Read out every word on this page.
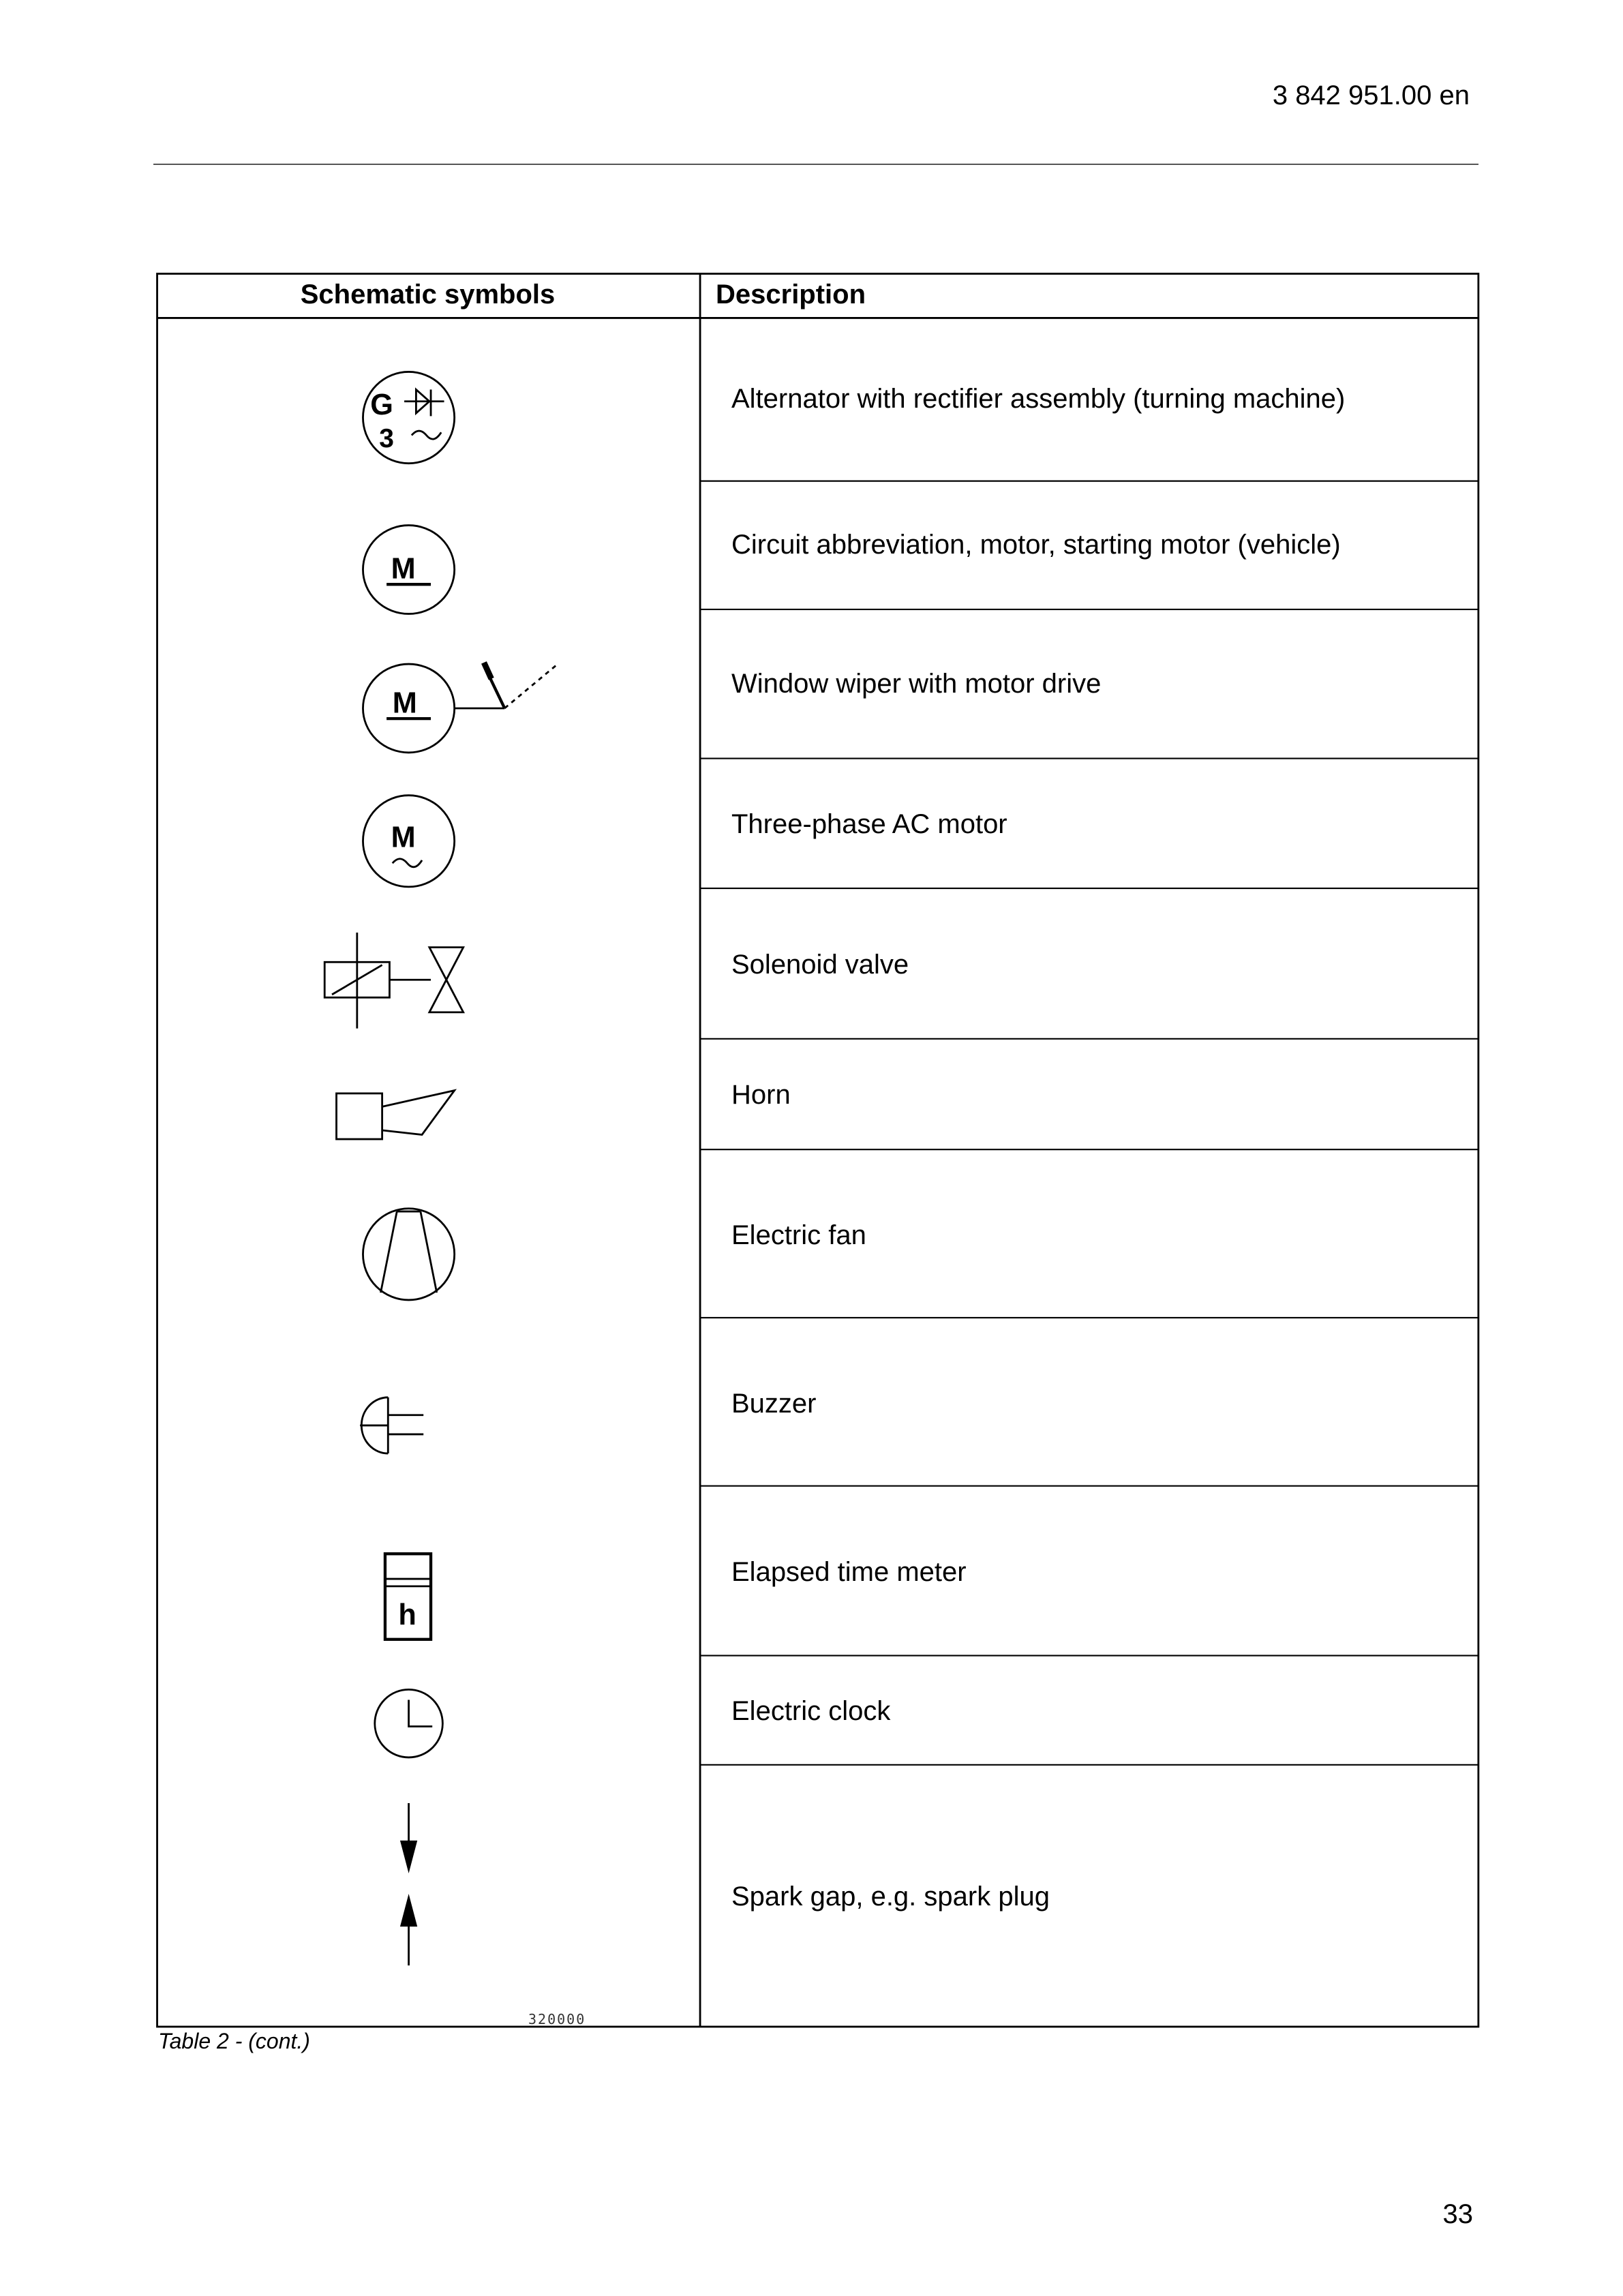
3 842 951.00 en
G
3
M
M
M
h
320000
Schematic symbols	Description
Alternator with rectifier assembly (turning machine)
Circuit abbreviation, motor, starting motor (vehicle)
Window wiper with motor drive
Three-phase AC motor
Solenoid valve
Horn
Electric fan
Buzzer
Elapsed time meter
Electric clock
Spark gap, e.g. spark plug
Table 2 - (cont.)
33
